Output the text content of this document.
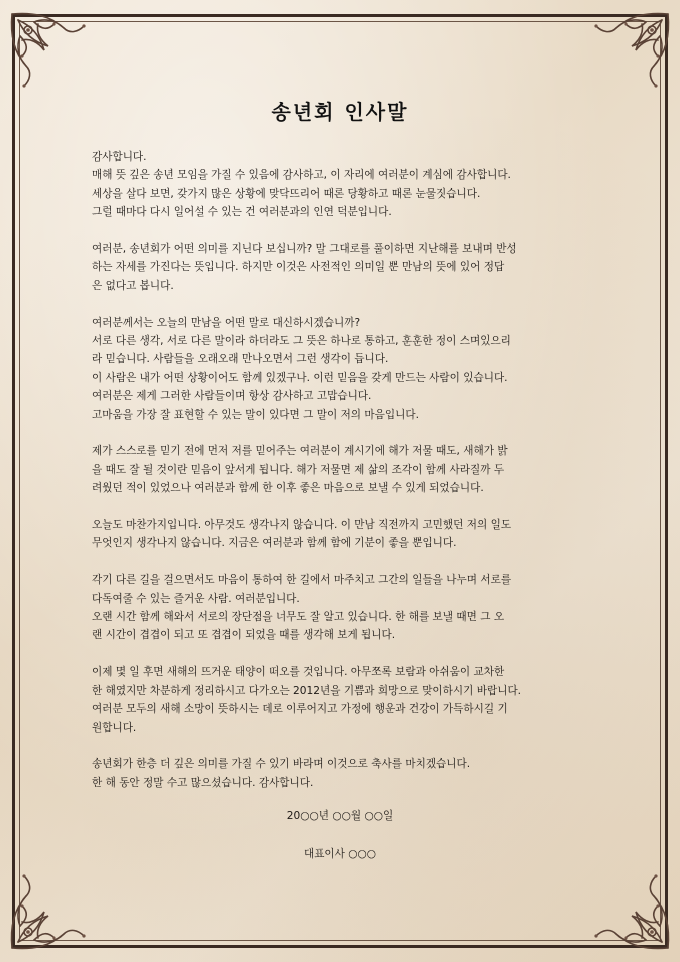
송년회 인사말
감사합니다.
매해 뜻 깊은 송년 모임을 가질 수 있음에 감사하고, 이 자리에 여러분이 계심에 감사합니다.
세상을 살다 보면, 갖가지 많은 상황에 맞닥뜨리어 때론 당황하고 때론 눈물짓습니다.
그럴 때마다 다시 일어설 수 있는 건 여러분과의 인연 덕분입니다.
여러분, 송년회가 어떤 의미를 지닌다 보십니까? 말 그대로를 풀이하면 지난해를 보내며 반성
하는 자세를 가진다는 뜻입니다. 하지만 이것은 사전적인 의미일 뿐 만남의 뜻에 있어 정답
은 없다고 봅니다.
여러분께서는 오늘의 만남을 어떤 말로 대신하시겠습니까?
서로 다른 생각, 서로 다른 말이라 하더라도 그 뜻은 하나로 통하고, 훈훈한 정이 스며있으리
라 믿습니다. 사람들을 오래오래 만나오면서 그런 생각이 듭니다.
이 사람은 내가 어떤 상황이어도 함께 있겠구나. 이런 믿음을 갖게 만드는 사람이 있습니다.
여러분은 제게 그러한 사람들이며 항상 감사하고 고맙습니다.
고마움을 가장 잘 표현할 수 있는 말이 있다면 그 말이 저의 마음입니다.
제가 스스로를 믿기 전에 먼저 저를 믿어주는 여러분이 계시기에 해가 저물 때도, 새해가 밝
을 때도 잘 될 것이란 믿음이 앞서게 됩니다. 해가 저물면 제 삶의 조각이 함께 사라질까 두
려웠던 적이 있었으나 여러분과 함께 한 이후 좋은 마음으로 보낼 수 있게 되었습니다.
오늘도 마찬가지입니다. 아무것도 생각나지 않습니다. 이 만남 직전까지 고민했던 저의 일도
무엇인지 생각나지 않습니다. 지금은 여러분과 함께 함에 기분이 좋을 뿐입니다.
각기 다른 길을 걸으면서도 마음이 통하여 한 길에서 마주치고 그간의 일들을 나누며 서로를
다독여줄 수 있는 즐거운 사람. 여러분입니다.
오랜 시간 함께 해와서 서로의 장단점을 너무도 잘 알고 있습니다. 한 해를 보낼 때면 그 오
랜 시간이 겹겹이 되고 또 겹겹이 되었을 때를 생각해 보게 됩니다.
이제 몇 일 후면 새해의 뜨거운 태양이 떠오를 것입니다. 아무쪼록 보람과 아쉬움이 교차한
한 해였지만 차분하게 정리하시고 다가오는 2012년을 기쁨과 희망으로 맞이하시기 바랍니다.
여러분 모두의 새해 소망이 뜻하시는 데로 이루어지고 가정에 행운과 건강이 가득하시길 기
원합니다.
송년회가 한층 더 깊은 의미를 가질 수 있기 바라며 이것으로 축사를 마치겠습니다.
한 해 동안 정말 수고 많으셨습니다. 감사합니다.
20○○년 ○○월 ○○일
대표이사 ○○○
